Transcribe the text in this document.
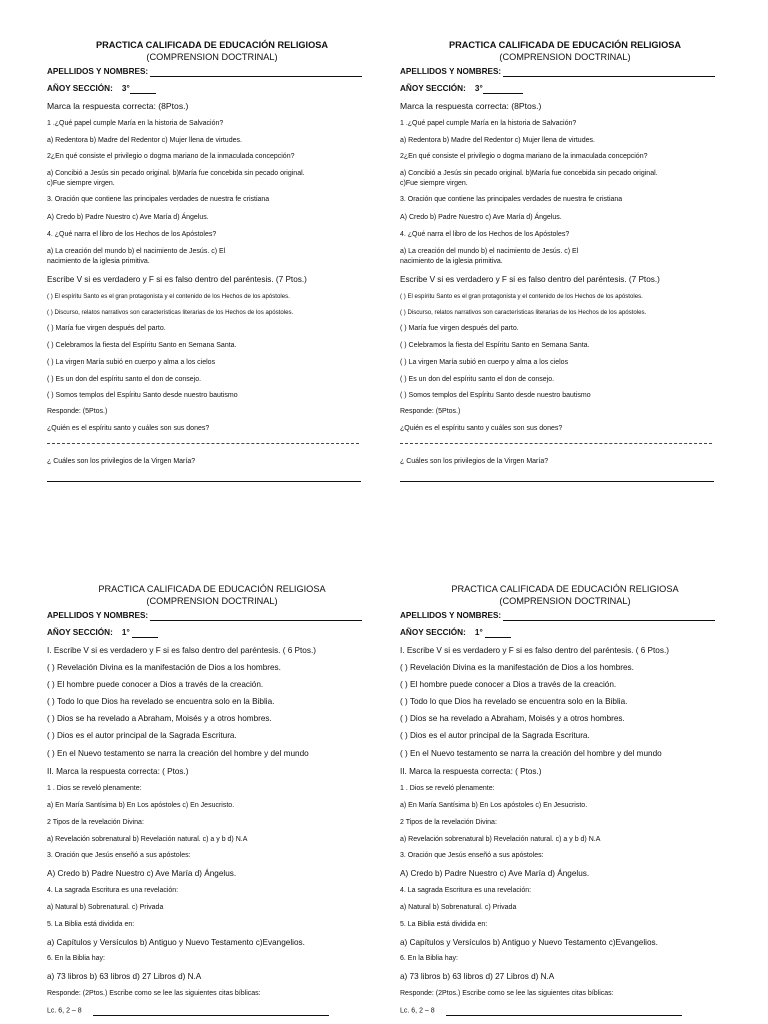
PRACTICA CALIFICADA DE EDUCACIÓN RELIGIOSA
(COMPRENSION DOCTRINAL)
APELLIDOS Y NOMBRES:
AÑOY SECCIÓN: 3°
Marca la respuesta correcta: (8Ptos.)
1 .¿Qué papel cumple María en la historia de Salvación?
a) Redentora b) Madre del Redentor c) Mujer llena de virtudes.
2¿En qué consiste el privilegio o dogma mariano de la inmaculada concepción?
a) Concibió a Jesús sin pecado original. b)María fue concebida sin pecado original.
c)Fue siempre virgen.
3. Oración que contiene las principales verdades de nuestra fe cristiana
A) Credo b) Padre Nuestro c) Ave María d) Ángelus.
4. ¿Qué narra el libro de los Hechos de los Apóstoles?
a) La creación del mundo b) el nacimiento de Jesús. c) El
nacimiento de la iglesia primitiva.
Escribe V si es verdadero y F si es falso dentro del paréntesis. (7 Ptos.)
( ) El espíritu Santo es el gran protagonista y el contenido de los Hechos de los apóstoles.
( ) Discurso, relatos narrativos son características literarias de los Hechos de los apóstoles.
( ) María fue virgen después del parto.
( ) Celebramos la fiesta del Espíritu Santo en Semana Santa.
( ) La virgen María subió en cuerpo y alma a los cielos
( ) Es un don del espíritu santo el don de consejo.
( ) Somos templos del Espíritu Santo desde nuestro bautismo
Responde: (5Ptos.)
¿Quién es el espíritu santo y cuáles son sus dones?
¿ Cuáles son los privilegios de la Virgen María?
PRACTICA CALIFICADA DE EDUCACIÓN RELIGIOSA
(COMPRENSION DOCTRINAL)
APELLIDOS Y NOMBRES:
AÑOY SECCIÓN: 3°
Marca la respuesta correcta: (8Ptos.)
1 .¿Qué papel cumple María en la historia de Salvación?
a) Redentora b) Madre del Redentor c) Mujer llena de virtudes.
2¿En qué consiste el privilegio o dogma mariano de la inmaculada concepción?
a) Concibió a Jesús sin pecado original. b)María fue concebida sin pecado original.
c)Fue siempre virgen.
3. Oración que contiene las principales verdades de nuestra fe cristiana
A) Credo b) Padre Nuestro c) Ave María d) Ángelus.
4. ¿Qué narra el libro de los Hechos de los Apóstoles?
a) La creación del mundo b) el nacimiento de Jesús. c) El
nacimiento de la iglesia primitiva.
Escribe V si es verdadero y F si es falso dentro del paréntesis. (7 Ptos.)
( ) El espíritu Santo es el gran protagonista y el contenido de los Hechos de los apóstoles.
( ) Discurso, relatos narrativos son características literarias de los Hechos de los apóstoles.
( ) María fue virgen después del parto.
( ) Celebramos la fiesta del Espíritu Santo en Semana Santa.
( ) La virgen María subió en cuerpo y alma a los cielos
( ) Es un don del espíritu santo el don de consejo.
( ) Somos templos del Espíritu Santo desde nuestro bautismo
Responde: (5Ptos.)
¿Quién es el espíritu santo y cuáles son sus dones?
¿ Cuáles son los privilegios de la Virgen María?
PRACTICA CALIFICADA DE EDUCACIÓN RELIGIOSA
(COMPRENSION DOCTRINAL)
APELLIDOS Y NOMBRES:
AÑOY SECCIÓN: 1°
I. Escribe V si es verdadero y F si es falso dentro del paréntesis. ( 6 Ptos.)
( ) Revelación Divina es la manifestación de Dios a los hombres.
( ) El hombre puede conocer a Dios a través de la creación.
( ) Todo lo que Dios ha revelado se encuentra solo en la Biblia.
( ) Dios se ha revelado a Abraham, Moisés y a otros hombres.
( ) Dios es el autor principal de la Sagrada Escritura.
( ) En el Nuevo testamento se narra la creación del hombre y del mundo
II. Marca la respuesta correcta: ( Ptos.)
1 . Dios se reveló plenamente:
a) En María Santísima b) En Los apóstoles c) En Jesucristo.
2 Tipos de la revelación Divina:
a) Revelación sobrenatural b) Revelación natural. c) a y b d) N.A
3. Oración que Jesús enseñó a sus apóstoles:
A) Credo b) Padre Nuestro c) Ave María d) Ángelus.
4. La sagrada Escritura es una revelación:
a) Natural b) Sobrenatural. c) Privada
5. La Biblia está dividida en:
a) Capítulos y Versículos b) Antiguo y Nuevo Testamento c)Evangelios.
6. En la Biblia hay:
a) 73 libros b) 63 libros d) 27 Libros d) N.A
Responde: (2Ptos.) Escribe como se lee las siguientes citas bíblicas:
Lc. 6, 2 – 8
PRACTICA CALIFICADA DE EDUCACIÓN RELIGIOSA
(COMPRENSION DOCTRINAL)
APELLIDOS Y NOMBRES:
AÑOY SECCIÓN: 1°
I. Escribe V si es verdadero y F si es falso dentro del paréntesis. ( 6 Ptos.)
( ) Revelación Divina es la manifestación de Dios a los hombres.
( ) El hombre puede conocer a Dios a través de la creación.
( ) Todo lo que Dios ha revelado se encuentra solo en la Biblia.
( ) Dios se ha revelado a Abraham, Moisés y a otros hombres.
( ) Dios es el autor principal de la Sagrada Escritura.
( ) En el Nuevo testamento se narra la creación del hombre y del mundo
II. Marca la respuesta correcta: ( Ptos.)
1 . Dios se reveló plenamente:
a) En María Santísima b) En Los apóstoles c) En Jesucristo.
2 Tipos de la revelación Divina:
a) Revelación sobrenatural b) Revelación natural. c) a y b d) N.A
3. Oración que Jesús enseñó a sus apóstoles:
A) Credo b) Padre Nuestro c) Ave María d) Ángelus.
4. La sagrada Escritura es una revelación:
a) Natural b) Sobrenatural. c) Privada
5. La Biblia está dividida en:
a) Capítulos y Versículos b) Antiguo y Nuevo Testamento c)Evangelios.
6. En la Biblia hay:
a) 73 libros b) 63 libros d) 27 Libros d) N.A
Responde: (2Ptos.) Escribe como se lee las siguientes citas bíblicas:
Lc. 6, 2 – 8
